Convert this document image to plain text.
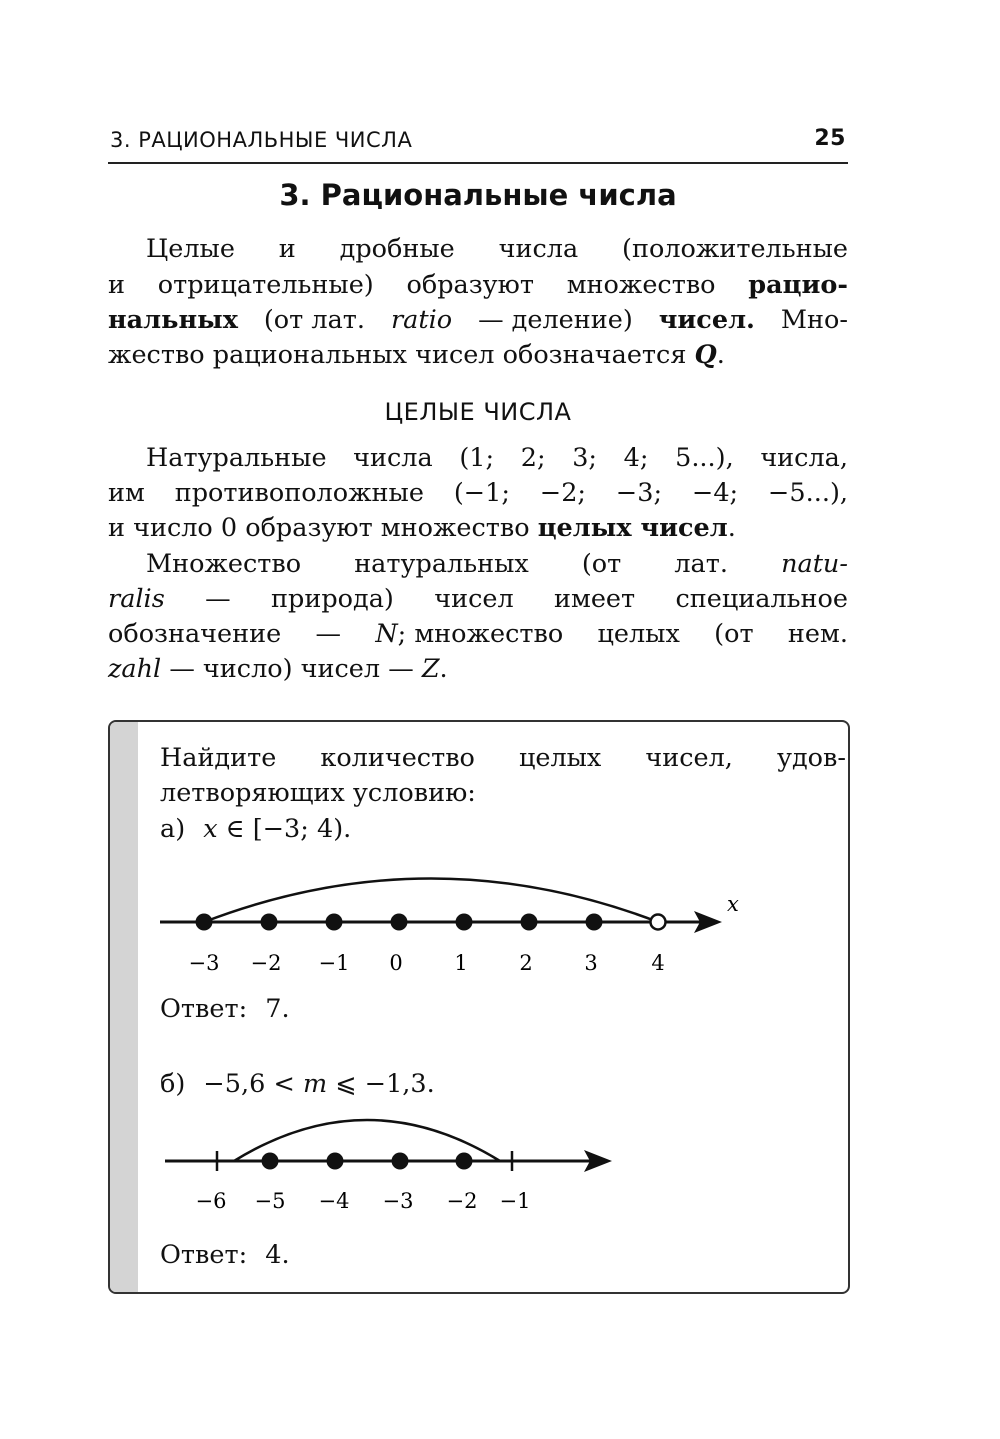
3. РАЦИОНАЛЬНЫЕ ЧИСЛА	25
3. Рациональные числа
Целые и дробные числа (положительные
и отрицательные) образуют множество рацио-
нальных (от лат. ratio — деление) чисел. Мно-
жество рациональных чисел обозначается Q.
ЦЕЛЫЕ ЧИСЛА
Натуральные числа (1; 2; 3; 4; 5...), числа,
им противоположные (−1; −2; −3; −4; −5...),
и число 0 образуют множество целых чисел.
Множество натуральных (от лат. natu-
ralis — природа) чисел имеет специальное
обозначение — N; множество целых (от нем.
zahl — число) чисел — Z.
Найдите количество целых чисел, удов-
летворяющих условию:
а) x ∈ [−3; 4).
x
−3 −2 −1 0 1 2 3	4
Ответ: 7.
б) −5,6 < m ⩽ −1,3.
−6 −5 −4 −3 −2 −1
Ответ: 4.
